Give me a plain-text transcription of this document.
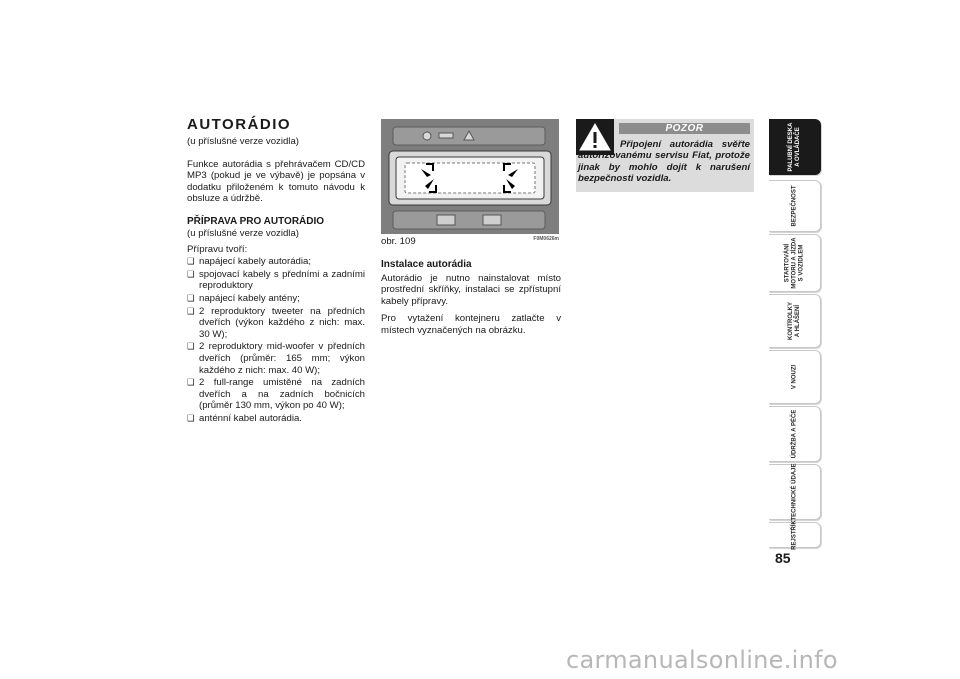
AUTORÁDIO

(u příslušné verze vozidla)

Funkce autorádia s přehrávačem CD/CD MP3 (pokud je ve výbavě) je popsána v dodatku přiloženém k tomuto návodu k obsluze a údržbě.

PŘÍPRAVA PRO AUTORÁDIO

(u příslušné verze vozidla)

Přípravu tvoří:

❑ napájecí kabely autorádia;
❑ spojovací kabely s předními a zadními reproduktory
❑ napájecí kabely antény;
❑ 2 reproduktory tweeter na předních dveřích (výkon každého z nich: max. 30 W);
❑ 2 reproduktory mid-woofer v předních dveřích (průměr: 165 mm; výkon každého z nich: max. 40 W);
❑ 2 full-range umistěné na zadních dveřích a na zadních bočnicích (průměr 130 mm, výkon po 40 W);
❑ anténní kabel autorádia.
obr. 109	F0M0626m
Instalace autorádia

Autorádio je nutno nainstalovat místo prostřední skříňky, instalaci se zpřístupní kabely přípravy.

Pro vytažení kontejneru zatlačte v místech vyznačených na obrázku.

POZOR
Připojení autorádia svěřte autorizovanému servisu Fiat, protože jinak by mohlo dojít k narušení bezpečnosti vozidla.
PALUBNÍ DESKA
A OVLÁDAČE
BEZPEČNOST
STARTOVÁNÍ
MOTORU A JÍZDA
S VOZIDLEM
KONTROLKY
A HLÁŠENÍ
V NOUZI
ÚDRŽBA A PÉČE
TECHNICKÉ ÚDAJE
REJSTŘÍK
85
carmanualsonline.info
